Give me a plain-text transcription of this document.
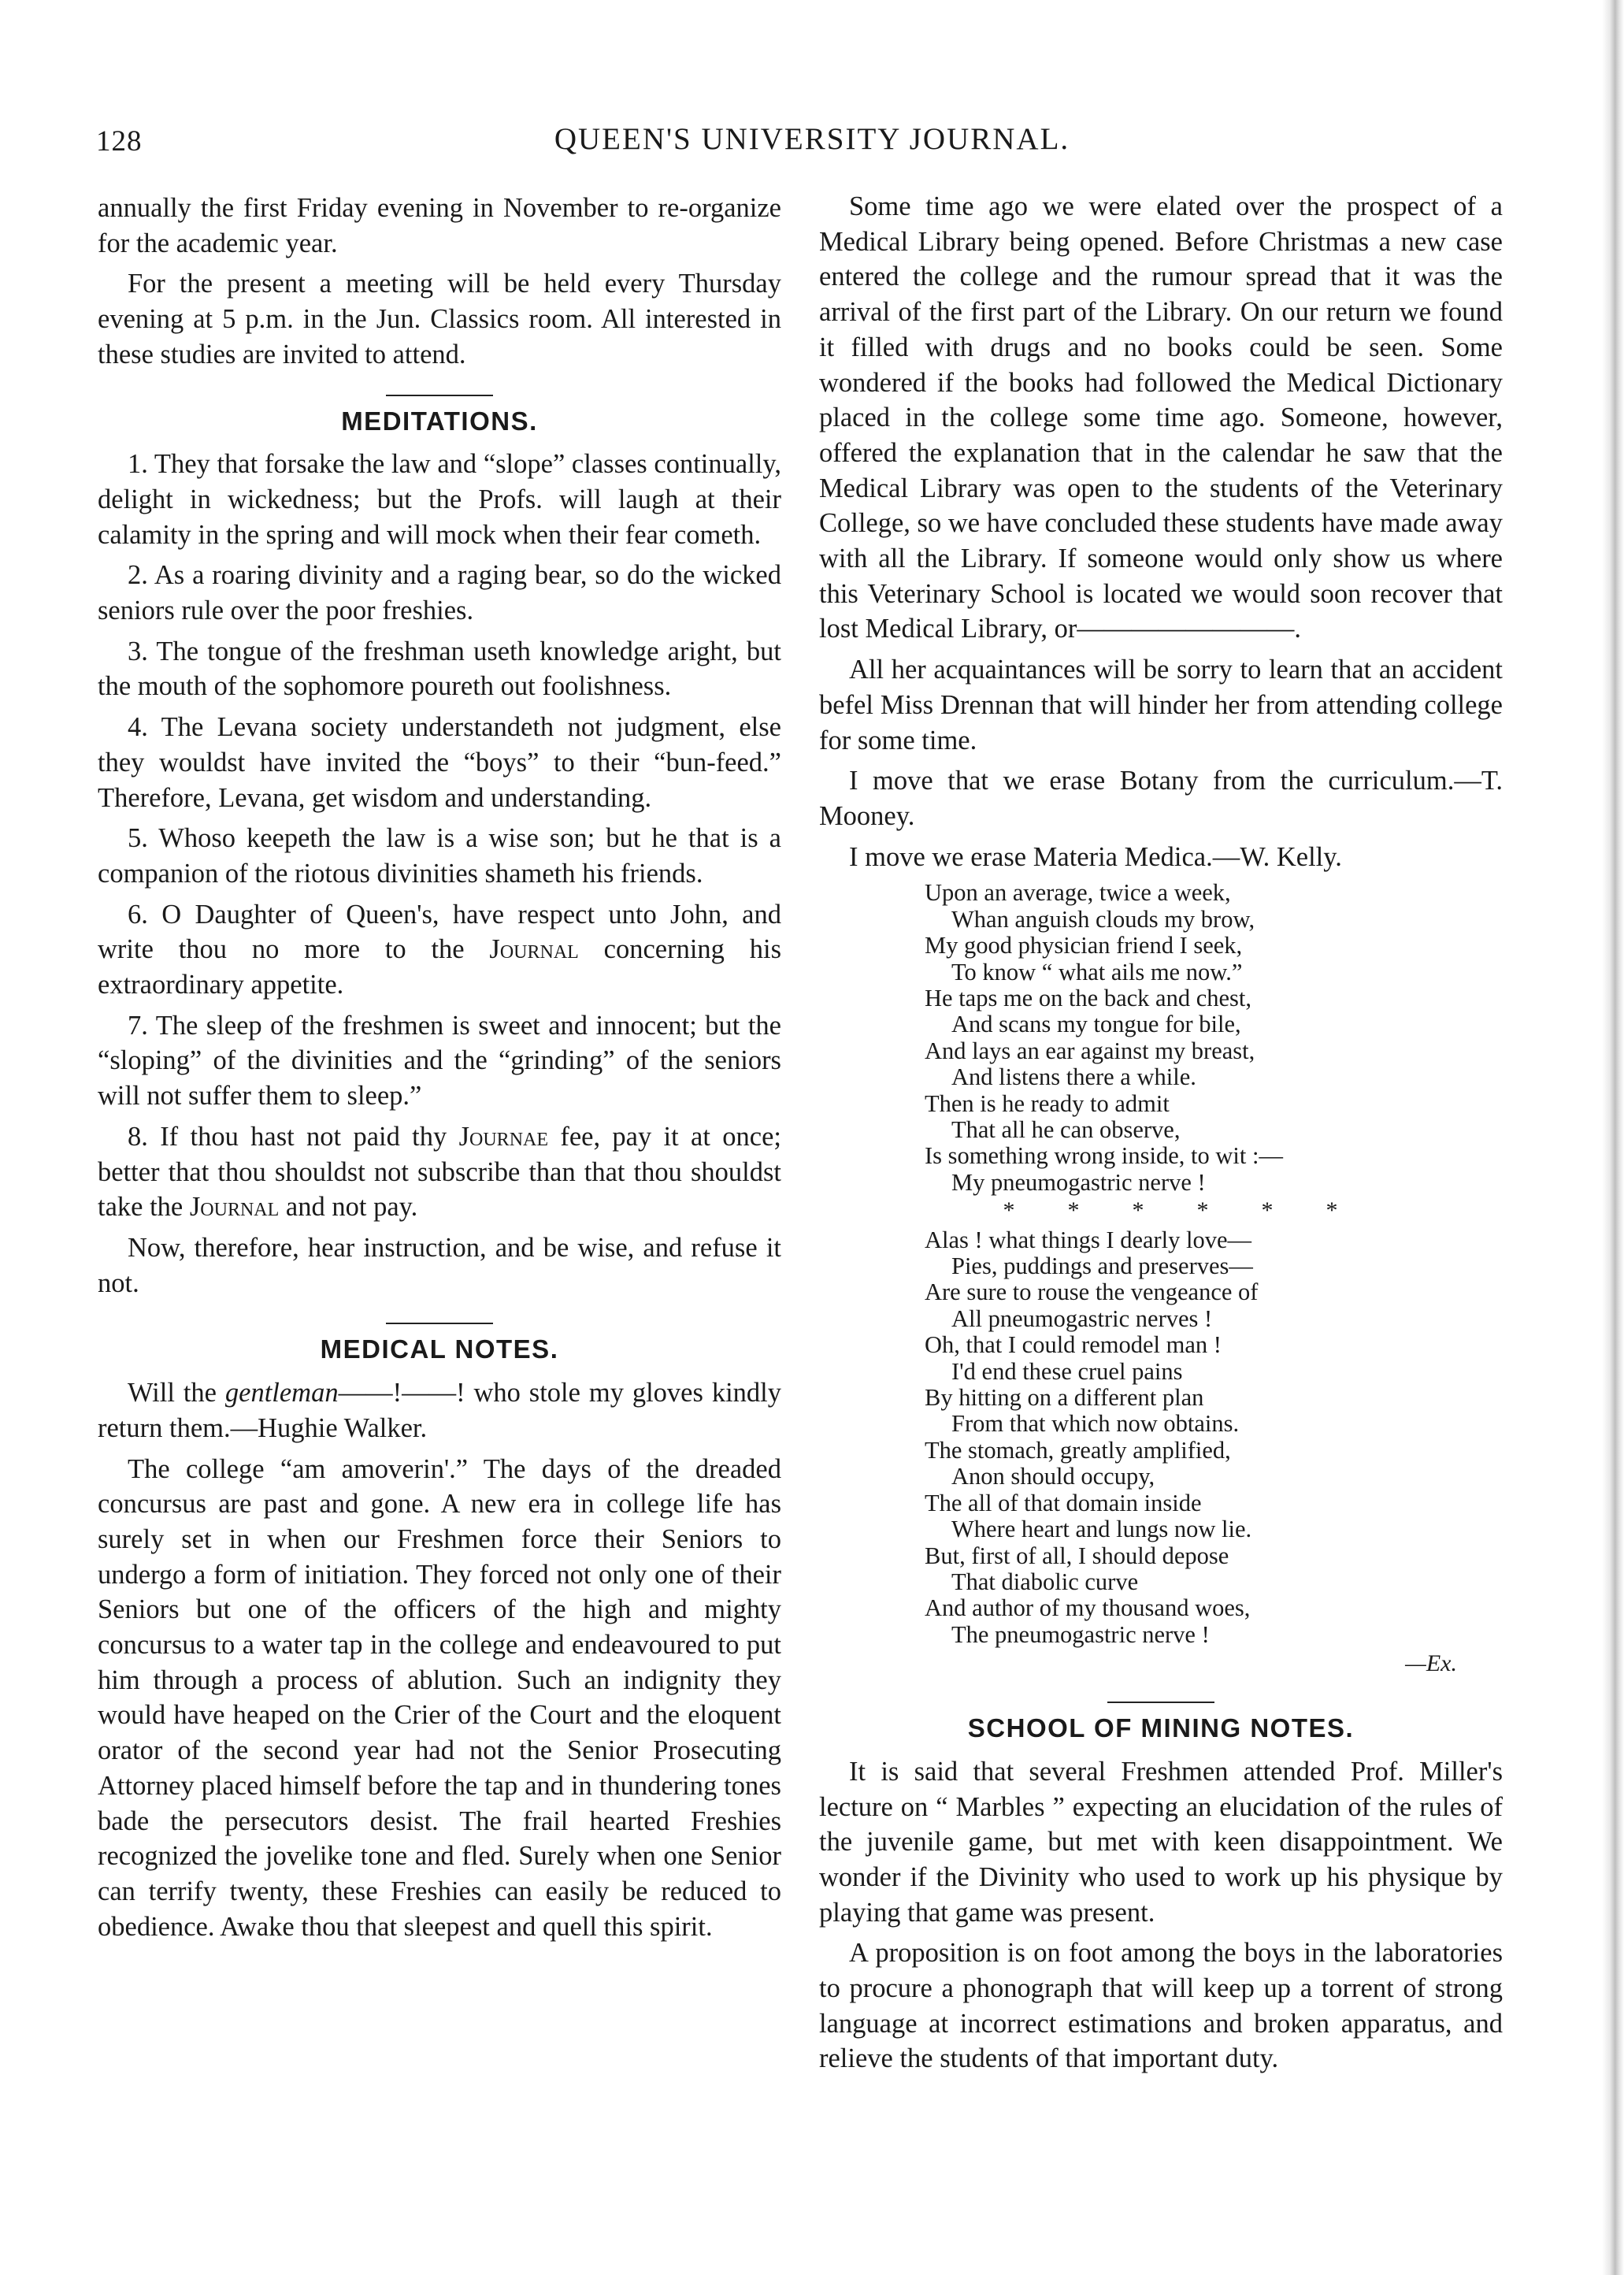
128	QUEEN'S UNIVERSITY JOURNAL.

annually the first Friday evening in November to re-organize for the academic year.

For the present a meeting will be held every Thursday evening at 5 p.m. in the Jun. Classics room. All interested in these studies are invited to attend.

MEDITATIONS.

1. They that forsake the law and “slope” classes continually, delight in wickedness; but the Profs. will laugh at their calamity in the spring and will mock when their fear cometh.

2. As a roaring divinity and a raging bear, so do the wicked seniors rule over the poor freshies.

3. The tongue of the freshman useth knowledge aright, but the mouth of the sophomore poureth out foolishness.

4. The Levana society understandeth not judgment, else they wouldst have invited the “boys” to their “bun-feed.” Therefore, Levana, get wisdom and understanding.

5. Whoso keepeth the law is a wise son; but he that is a companion of the riotous divinities shameth his friends.

6. O Daughter of Queen's, have respect unto John, and write thou no more to the Journal concerning his extraordinary appetite.

7. The sleep of the freshmen is sweet and innocent; but the “sloping” of the divinities and the “grinding” of the seniors will not suffer them to sleep.”

8. If thou hast not paid thy Journae fee, pay it at once; better that thou shouldst not subscribe than that thou shouldst take the Journal and not pay.

Now, therefore, hear instruction, and be wise, and refuse it not.

MEDICAL NOTES.

Will the gentleman——!——! who stole my gloves kindly return them.—Hughie Walker.

The college “am amoverin'.” The days of the dreaded concursus are past and gone. A new era in college life has surely set in when our Freshmen force their Seniors to undergo a form of initiation. They forced not only one of their Seniors but one of the officers of the high and mighty concursus to a water tap in the college and endeavoured to put him through a process of ablution. Such an indignity they would have heaped on the Crier of the Court and the eloquent orator of the second year had not the Senior Prosecuting Attorney placed himself before the tap and in thundering tones bade the persecutors desist. The frail hearted Freshies recognized the jovelike tone and fled. Surely when one Senior can terrify twenty, these Freshies can easily be reduced to obedience. Awake thou that sleepest and quell this spirit.

Some time ago we were elated over the prospect of a Medical Library being opened. Before Christmas a new case entered the college and the rumour spread that it was the arrival of the first part of the Library. On our return we found it filled with drugs and no books could be seen. Some wondered if the books had followed the Medical Dictionary placed in the college some time ago. Someone, however, offered the explanation that in the calendar he saw that the Medical Library was open to the students of the Veterinary College, so we have concluded these students have made away with all the Library. If someone would only show us where this Veterinary School is located we would soon recover that lost Medical Library, or————————.

All her acquaintances will be sorry to learn that an accident befel Miss Drennan that will hinder her from attending college for some time.

I move that we erase Botany from the curriculum.—T. Mooney.

I move we erase Materia Medica.—W. Kelly.

Upon an average, twice a week,
Whan anguish clouds my brow,
My good physician friend I seek,
To know “ what ails me now.”
He taps me on the back and chest,
And scans my tongue for bile,
And lays an ear against my breast,
And listens there a while.
Then is he ready to admit
That all he can observe,
Is something wrong inside, to wit :—
My pneumogastric nerve !
* * * * * *
Alas ! what things I dearly love—
Pies, puddings and preserves—
Are sure to rouse the vengeance of
All pneumogastric nerves !
Oh, that I could remodel man !
I'd end these cruel pains
By hitting on a different plan
From that which now obtains.
The stomach, greatly amplified,
Anon should occupy,
The all of that domain inside
Where heart and lungs now lie.
But, first of all, I should depose
That diabolic curve
And author of my thousand woes,
The pneumogastric nerve !
—Ex.
SCHOOL OF MINING NOTES.

It is said that several Freshmen attended Prof. Miller's lecture on “ Marbles ” expecting an elucidation of the rules of the juvenile game, but met with keen disappointment. We wonder if the Divinity who used to work up his physique by playing that game was present.

A proposition is on foot among the boys in the laboratories to procure a phonograph that will keep up a torrent of strong language at incorrect estimations and broken apparatus, and relieve the students of that important duty.
